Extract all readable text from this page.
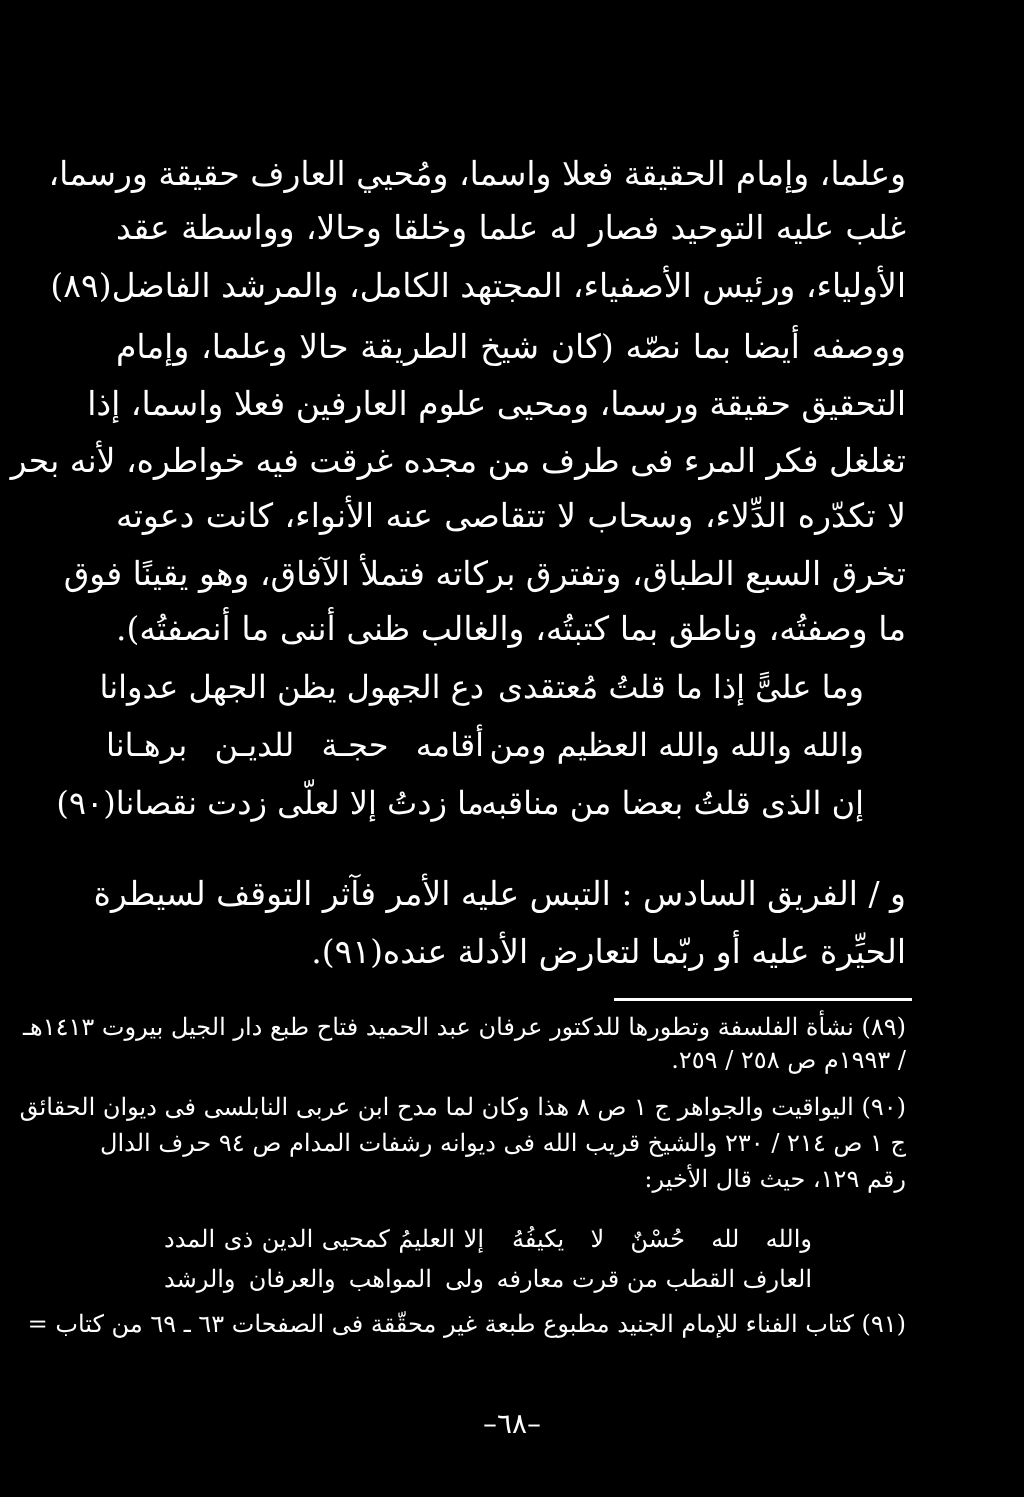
وعلما، وإمام الحقيقة فعلا واسما، ومُحيي العارف حقيقة ورسما،
غلب عليه التوحيد فصار له علما وخلقا وحالا، وواسطة عقد
الأولياء، ورئيس الأصفياء، المجتهد الكامل، والمرشد الفاضل(٨٩)
ووصفه أيضا بما نصّه (كان شيخ الطريقة حالا وعلما، وإمام
التحقيق حقيقة ورسما، ومحيى علوم العارفين فعلا واسما، إذا
تغلغل فكر المرء فى طرف من مجده غرقت فيه خواطره، لأنه بحر
لا تكدّره الدِّلاء، وسحاب لا تتقاصى عنه الأنواء، كانت دعوته
تخرق السبع الطباق، وتفترق بركاته فتملأ الآفاق، وهو يقينًا فوق
ما وصفتُه، وناطق بما كتبتُه، والغالب ظنى أننى ما أنصفتُه).
وما علىًّ إذا ما قلتُ مُعتقدى
دع الجهول يظن الجهل عدوانا
والله والله والله العظيم ومن
أقامه حجـة للديـن برهـانا
إن الذى قلتُ بعضا من مناقبه
ما زدتُ إلا لعلّى زدت نقصانا(٩٠)
و / الفريق السادس : التبس عليه الأمر فآثر التوقف لسيطرة
الحيِّرة عليه أو ربّما لتعارض الأدلة عنده(٩١).
(٨٩) نشأة الفلسفة وتطورها للدكتور عرفان عبد الحميد فتاح طبع دار الجيل بيروت ١٤١٣هـ
/ ١٩٩٣م ص ٢٥٨ / ٢٥٩.
(٩٠) اليواقيت والجواهر ج ١ ص ٨ هذا وكان لما مدح ابن عربى النابلسى فى ديوان الحقائق
ج ١ ص ٢١٤ / ٢٣٠ والشيخ قريب الله فى ديوانه رشفات المدام ص ٩٤ حرف الدال
رقم ١٢٩، حيث قال الأخير:
والله لله حُسْنٌ لا يكيفُهُ
إلا العليمُ كمحيى الدين ذى المدد
العارف القطب من قرت معارفه
ولى المواهب والعرفان والرشد
(٩١) كتاب الفناء للإمام الجنيد مطبوع طبعة غير محقّقة فى الصفحات ٦٣ ـ ٦٩ من كتاب =
–٦٨–
